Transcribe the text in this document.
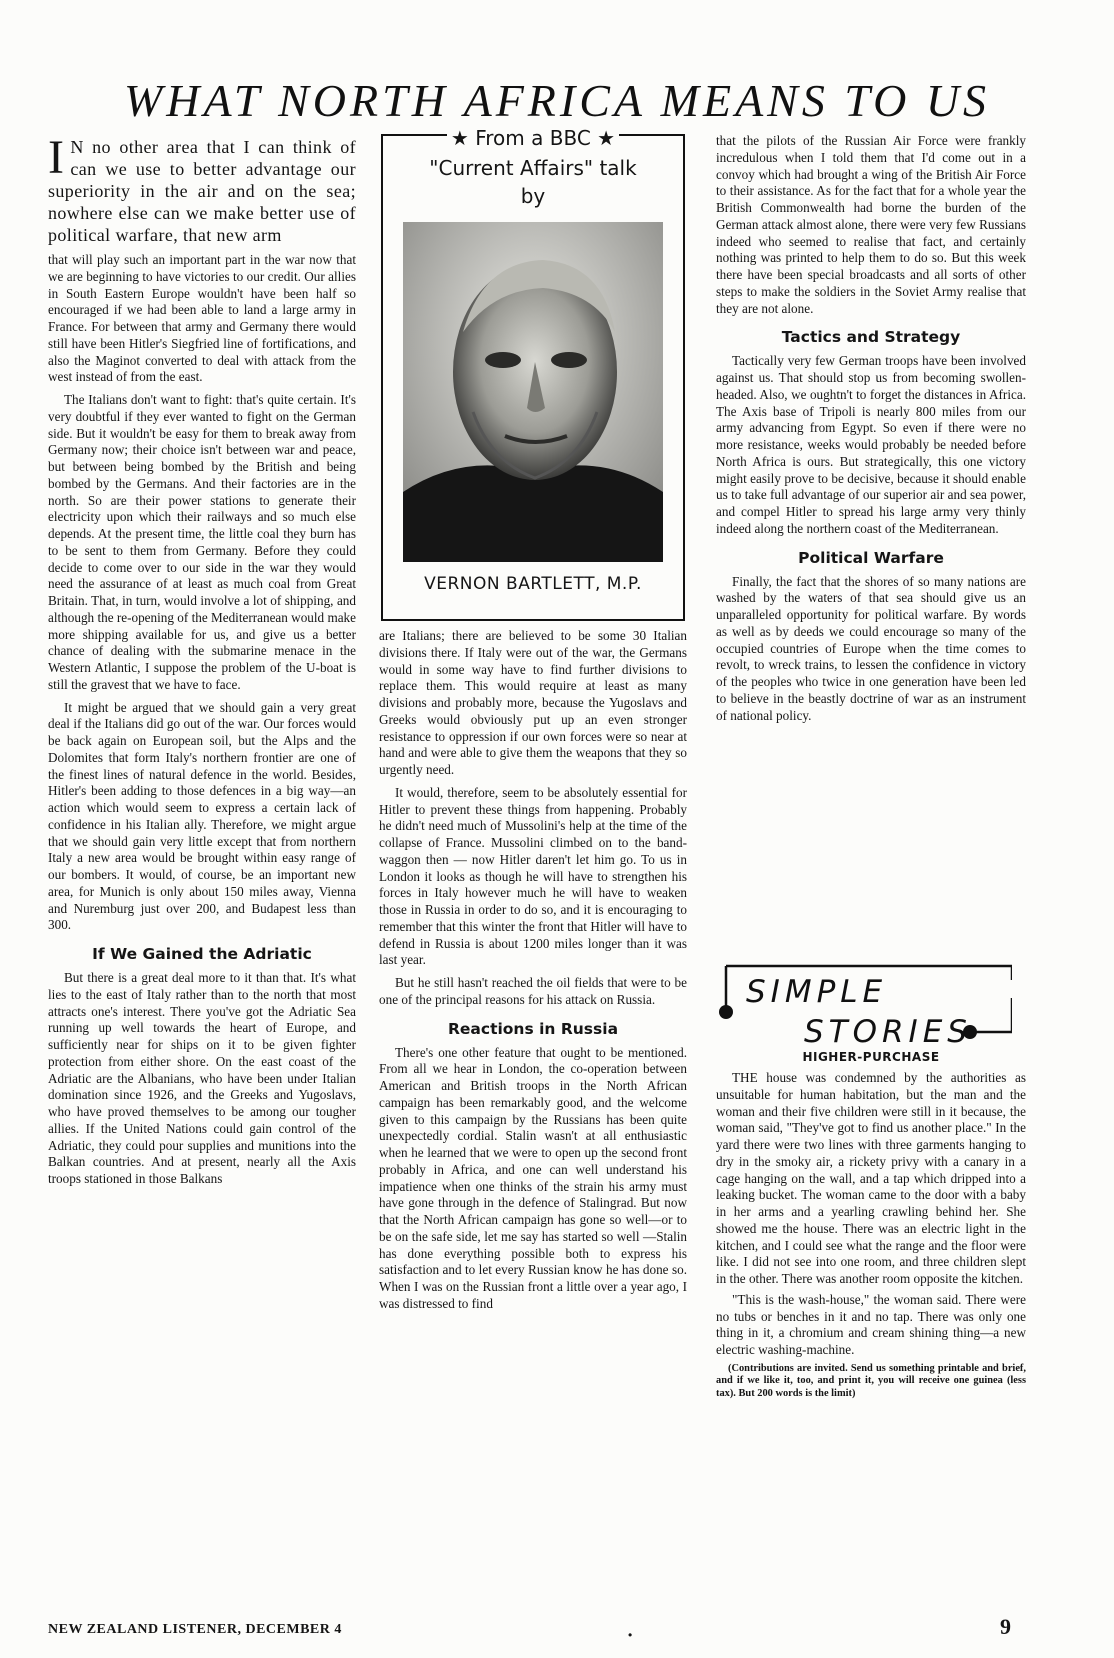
WHAT NORTH AFRICA MEANS TO US

I N no other area that I can think of can we use to better advantage our superiority in the air and on the sea; nowhere else can we make better use of political warfare, that new arm

that will play such an important part in the war now that we are beginning to have victories to our credit. Our allies in South Eastern Europe wouldn't have been half so encouraged if we had been able to land a large army in France. For between that army and Germany there would still have been Hitler's Siegfried line of fortifications, and also the Maginot converted to deal with attack from the west instead of from the east.

The Italians don't want to fight: that's quite certain. It's very doubtful if they ever wanted to fight on the German side. But it wouldn't be easy for them to break away from Germany now; their choice isn't between war and peace, but between being bombed by the British and being bombed by the Germans. And their factories are in the north. So are their power stations to generate their electricity upon which their railways and so much else depends. At the present time, the little coal they burn has to be sent to them from Germany. Before they could decide to come over to our side in the war they would need the assurance of at least as much coal from Great Britain. That, in turn, would involve a lot of shipping, and although the re-opening of the Mediterranean would make more shipping available for us, and give us a better chance of dealing with the submarine menace in the Western Atlantic, I suppose the problem of the U-boat is still the gravest that we have to face.

It might be argued that we should gain a very great deal if the Italians did go out of the war. Our forces would be back again on European soil, but the Alps and the Dolomites that form Italy's northern frontier are one of the finest lines of natural defence in the world. Besides, Hitler's been adding to those defences in a big way—an action which would seem to express a certain lack of confidence in his Italian ally. Therefore, we might argue that we should gain very little except that from northern Italy a new area would be brought within easy range of our bombers. It would, of course, be an important new area, for Munich is only about 150 miles away, Vienna and Nuremburg just over 200, and Budapest less than 300.

If We Gained the Adriatic

But there is a great deal more to it than that. It's what lies to the east of Italy rather than to the north that most attracts one's interest. There you've got the Adriatic Sea running up well towards the heart of Europe, and sufficiently near for ships on it to be given fighter protection from either shore. On the east coast of the Adriatic are the Albanians, who have been under Italian domination since 1926, and the Greeks and Yugoslavs, who have proved themselves to be among our tougher allies. If the United Nations could gain control of the Adriatic, they could pour supplies and munitions into the Balkan countries. And at present, nearly all the Axis troops stationed in those Balkans

★ From a BBC ★
"Current Affairs" talk
by
VERNON BARTLETT, M.P.

are Italians; there are believed to be some 30 Italian divisions there. If Italy were out of the war, the Germans would in some way have to find further divisions to replace them. This would require at least as many divisions and probably more, because the Yugoslavs and Greeks would obviously put up an even stronger resistance to oppression if our own forces were so near at hand and were able to give them the weapons that they so urgently need.

It would, therefore, seem to be absolutely essential for Hitler to prevent these things from happening. Probably he didn't need much of Mussolini's help at the time of the collapse of France. Mussolini climbed on to the band-waggon then — now Hitler daren't let him go. To us in London it looks as though he will have to strengthen his forces in Italy however much he will have to weaken those in Russia in order to do so, and it is encouraging to remember that this winter the front that Hitler will have to defend in Russia is about 1200 miles longer than it was last year.

But he still hasn't reached the oil fields that were to be one of the principal reasons for his attack on Russia.

Reactions in Russia

There's one other feature that ought to be mentioned. From all we hear in London, the co-operation between American and British troops in the North African campaign has been remarkably good, and the welcome given to this campaign by the Russians has been quite unexpectedly cordial. Stalin wasn't at all enthusiastic when he learned that we were to open up the second front probably in Africa, and one can well understand his impatience when one thinks of the strain his army must have gone through in the defence of Stalingrad. But now that the North African campaign has gone so well—or to be on the safe side, let me say has started so well —Stalin has done everything possible both to express his satisfaction and to let every Russian know he has done so. When I was on the Russian front a little over a year ago, I was distressed to find

that the pilots of the Russian Air Force were frankly incredulous when I told them that I'd come out in a convoy which had brought a wing of the British Air Force to their assistance. As for the fact that for a whole year the British Commonwealth had borne the burden of the German attack almost alone, there were very few Russians indeed who seemed to realise that fact, and certainly nothing was printed to help them to do so. But this week there have been special broadcasts and all sorts of other steps to make the soldiers in the Soviet Army realise that they are not alone.

Tactics and Strategy

Tactically very few German troops have been involved against us. That should stop us from becoming swollen-headed. Also, we oughtn't to forget the distances in Africa. The Axis base of Tripoli is nearly 800 miles from our army advancing from Egypt. So even if there were no more resistance, weeks would probably be needed before North Africa is ours. But strategically, this one victory might easily prove to be decisive, because it should enable us to take full advantage of our superior air and sea power, and compel Hitler to spread his large army very thinly indeed along the northern coast of the Mediterranean.

Political Warfare

Finally, the fact that the shores of so many nations are washed by the waters of that sea should give us an unparalleled opportunity for political warfare. By words as well as by deeds we could encourage so many of the occupied countries of Europe when the time comes to revolt, to wreck trains, to lessen the confidence in victory of the peoples who twice in one generation have been led to believe in the beastly doctrine of war as an instrument of national policy.

SIMPLE
STORIES
HIGHER-PURCHASE

THE house was condemned by the authorities as unsuitable for human habitation, but the man and the woman and their five children were still in it because, the woman said, "They've got to find us another place." In the yard there were two lines with three garments hanging to dry in the smoky air, a rickety privy with a canary in a cage hanging on the wall, and a tap which dripped into a leaking bucket. The woman came to the door with a baby in her arms and a yearling crawling behind her. She showed me the house. There was an electric light in the kitchen, and I could see what the range and the floor were like. I did not see into one room, and three children slept in the other. There was another room opposite the kitchen.

"This is the wash-house," the woman said. There were no tubs or benches in it and no tap. There was only one thing in it, a chromium and cream shining thing—a new electric washing-machine.

(Contributions are invited. Send us something printable and brief, and if we like it, too, and print it, you will receive one guinea (less tax). But 200 words is the limit)

NEW ZEALAND LISTENER, DECEMBER 4	•	9
